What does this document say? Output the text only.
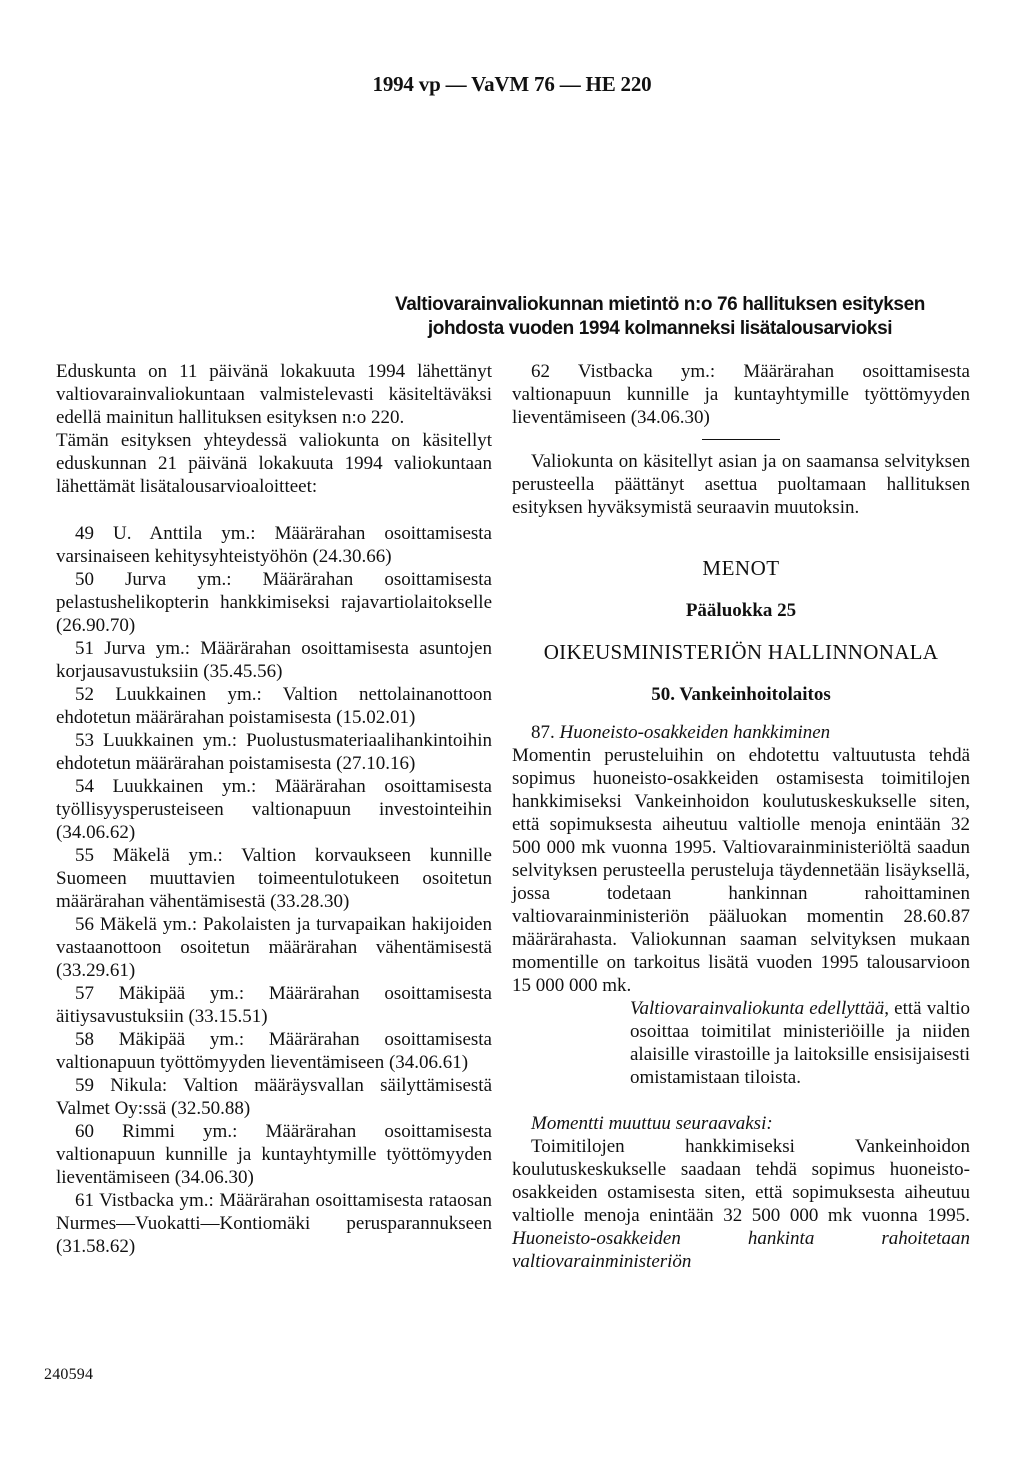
1994 vp — VaVM 76 — HE 220
Valtiovarainvaliokunnan mietintö n:o 76 hallituksen esityksen
johdosta vuoden 1994 kolmanneksi lisätalousarvioksi

Eduskunta on 11 päivänä lokakuuta 1994 lähettänyt valtiovarainvaliokuntaan valmistelevasti käsiteltäväksi edellä mainitun hallituksen esityksen n:o 220.

Tämän esityksen yhteydessä valiokunta on käsitellyt eduskunnan 21 päivänä lokakuuta 1994 valiokuntaan lähettämät lisätalousarvioaloitteet:

49 U. Anttila ym.: Määrärahan osoittamisesta varsinaiseen kehitysyhteistyöhön (24.30.66)

50 Jurva ym.: Määrärahan osoittamisesta pelastushelikopterin hankkimiseksi rajavartiolaitokselle (26.90.70)

51 Jurva ym.: Määrärahan osoittamisesta asuntojen korjausavustuksiin (35.45.56)

52 Luukkainen ym.: Valtion nettolainanottoon ehdotetun määrärahan poistamisesta (15.02.01)

53 Luukkainen ym.: Puolustusmateriaalihankintoihin ehdotetun määrärahan poistamisesta (27.10.16)

54 Luukkainen ym.: Määrärahan osoittamisesta työllisyysperusteiseen valtionapuun investointeihin (34.06.62)

55 Mäkelä ym.: Valtion korvaukseen kunnille Suomeen muuttavien toimeentulotukeen osoitetun määrärahan vähentämisestä (33.28.30)

56 Mäkelä ym.: Pakolaisten ja turvapaikan hakijoiden vastaanottoon osoitetun määrärahan vähentämisestä (33.29.61)

57 Mäkipää ym.: Määrärahan osoittamisesta äitiysavustuksiin (33.15.51)

58 Mäkipää ym.: Määrärahan osoittamisesta valtionapuun työttömyyden lieventämiseen (34.06.61)

59 Nikula: Valtion määräysvallan säilyttämisestä Valmet Oy:ssä (32.50.88)

60 Rimmi ym.: Määrärahan osoittamisesta valtionapuun kunnille ja kuntayhtymille työttömyyden lieventämiseen (34.06.30)

61 Vistbacka ym.: Määrärahan osoittamisesta rataosan Nurmes—Vuokatti—Kontiomäki perusparannukseen (31.58.62)

62 Vistbacka ym.: Määrärahan osoittamisesta valtionapuun kunnille ja kuntayhtymille työttömyyden lieventämiseen (34.06.30)

Valiokunta on käsitellyt asian ja on saamansa selvityksen perusteella päättänyt asettua puoltamaan hallituksen esityksen hyväksymistä seuraavin muutoksin.

MENOT
Pääluokka 25
OIKEUSMINISTERIÖN HALLINNONALA
50. Vankeinhoitolaitos

87. Huoneisto-osakkeiden hankkiminen

Momentin perusteluihin on ehdotettu valtuutusta tehdä sopimus huoneisto-osakkeiden ostamisesta toimitilojen hankkimiseksi Vankeinhoidon koulutuskeskukselle siten, että sopimuksesta aiheutuu valtiolle menoja enintään 32 500 000 mk vuonna 1995. Valtiovarainministeriöltä saadun selvityksen perusteella perusteluja täydennetään lisäyksellä, jossa todetaan hankinnan rahoittaminen valtiovarainministeriön pääluokan momentin 28.60.87 määrärahasta. Valiokunnan saaman selvityksen mukaan momentille on tarkoitus lisätä vuoden 1995 talousarvioon 15 000 000 mk.

Valtiovarainvaliokunta edellyttää, että valtio osoittaa toimitilat ministeriöille ja niiden alaisille virastoille ja laitoksille ensisijaisesti omistamistaan tiloista.

Momentti muuttuu seuraavaksi:

Toimitilojen hankkimiseksi Vankeinhoidon koulutuskeskukselle saadaan tehdä sopimus huoneisto-osakkeiden ostamisesta siten, että sopimuksesta aiheutuu valtiolle menoja enintään 32 500 000 mk vuonna 1995. Huoneisto-osakkeiden hankinta rahoitetaan valtiovarainministeriön

240594
